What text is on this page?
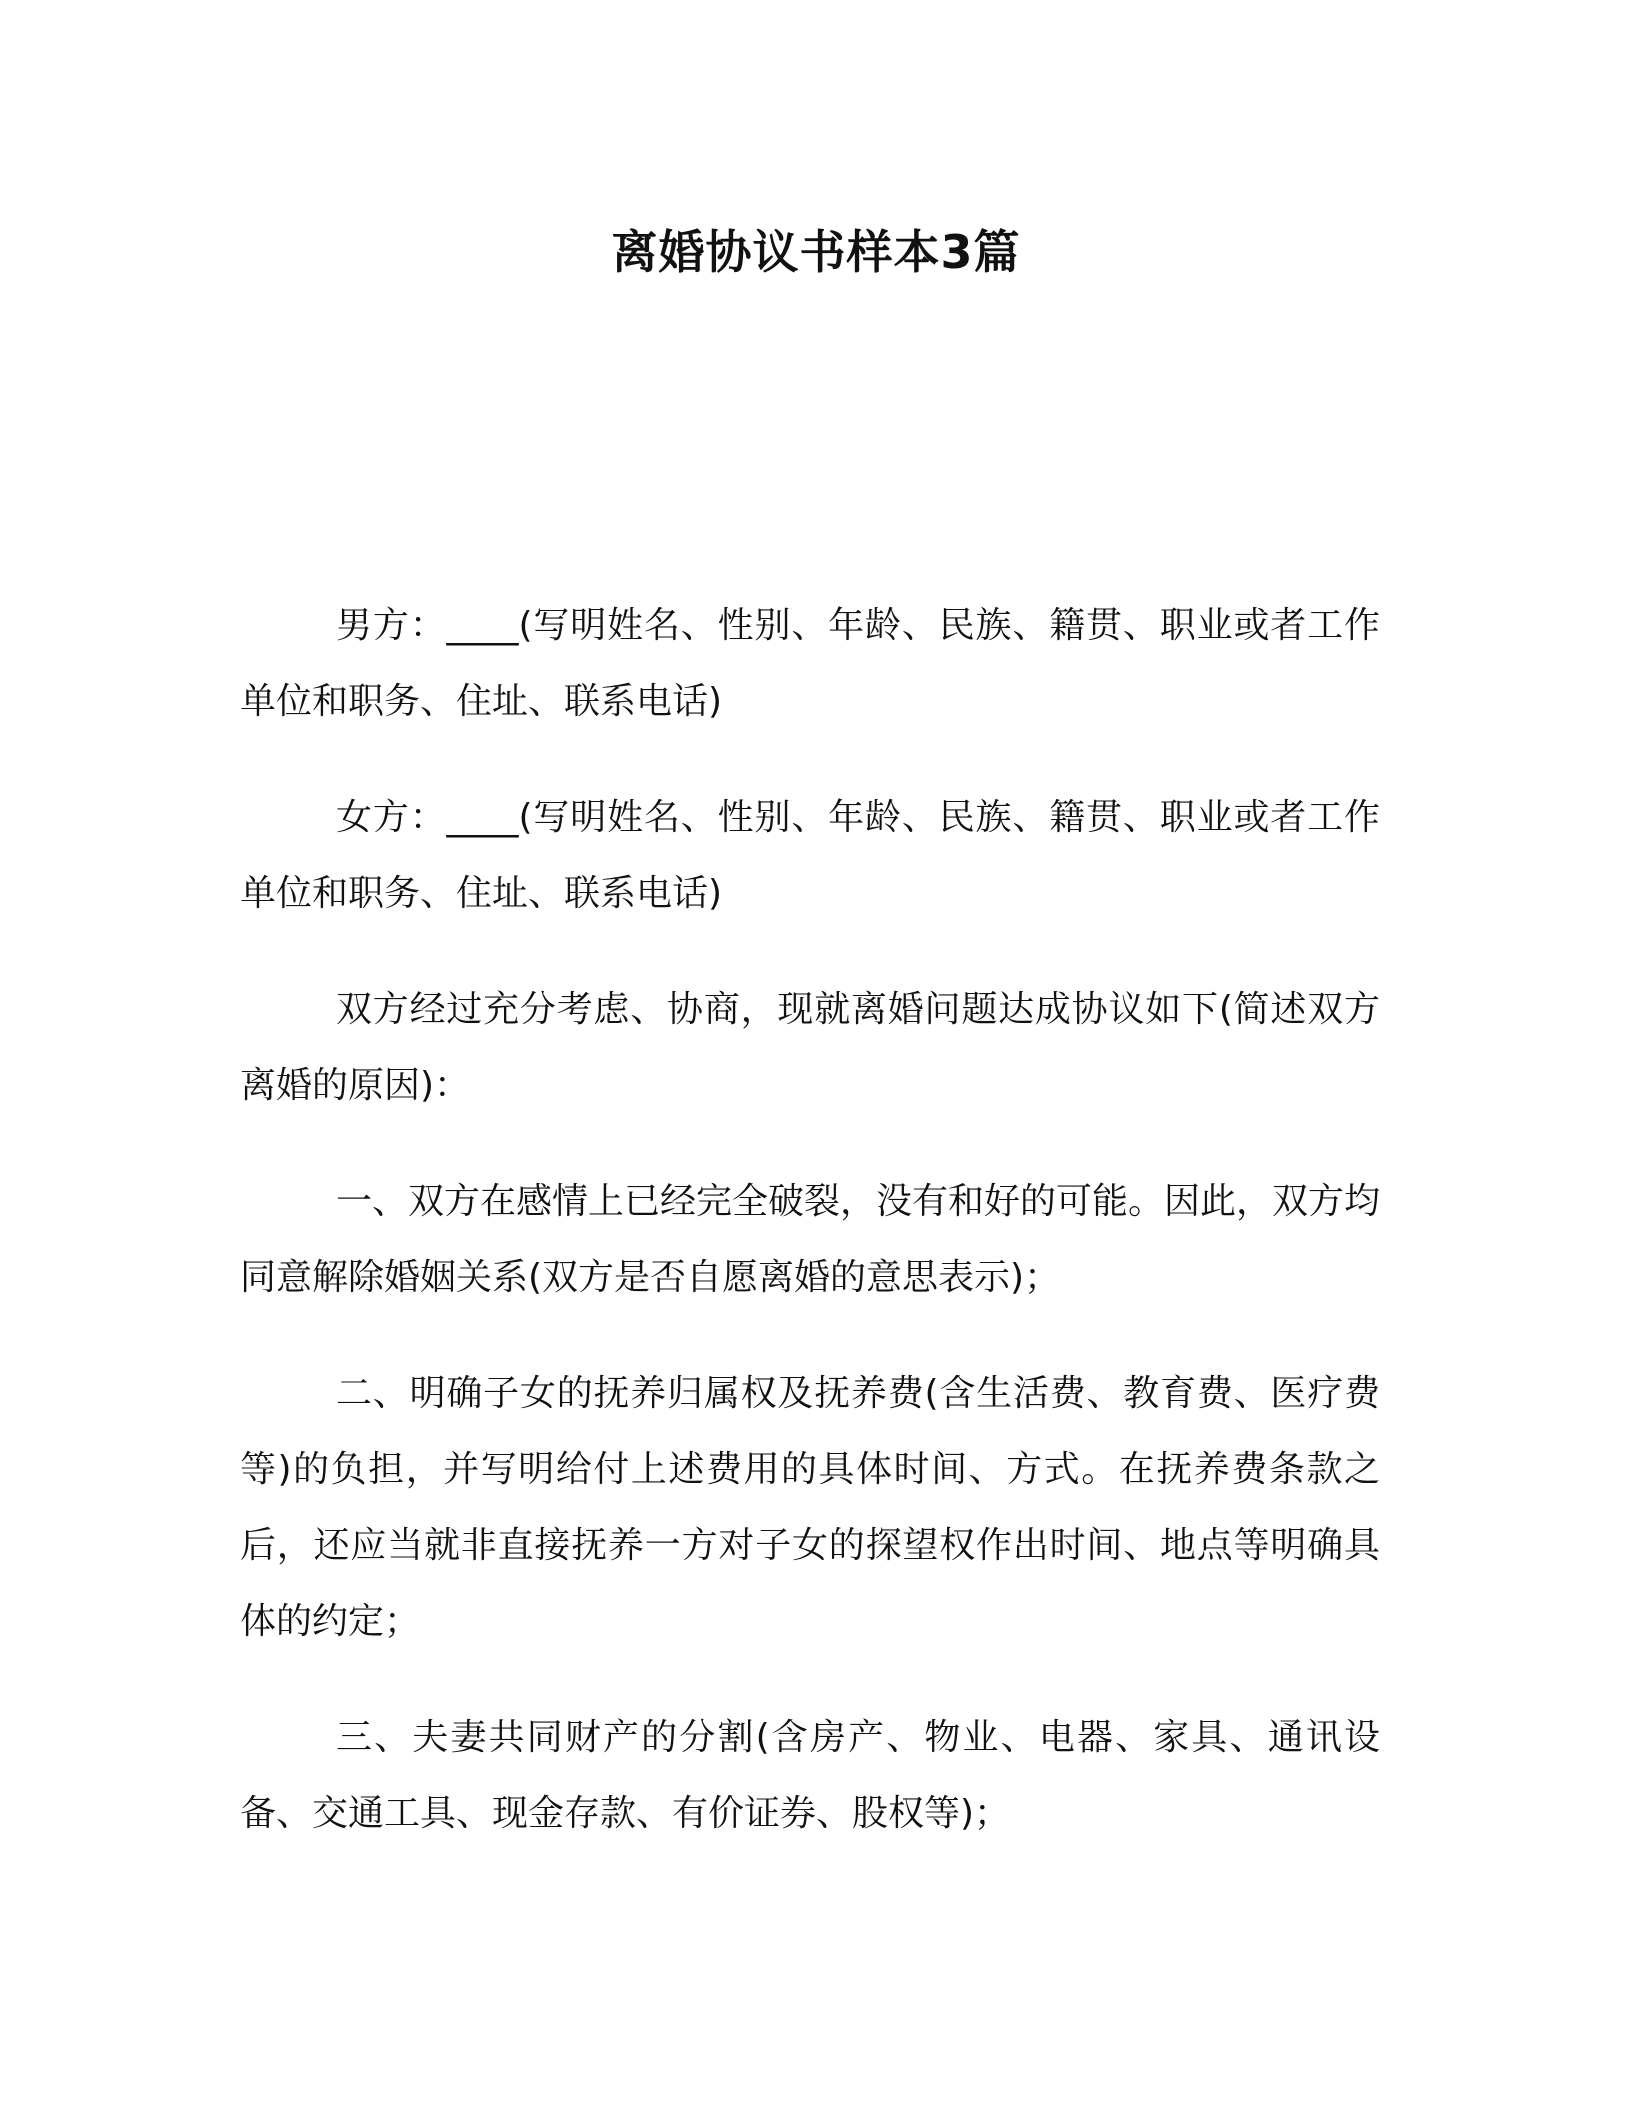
离婚协议书样本3篇

男方：____(写明姓名、性别、年龄、民族、籍贯、职业或者工作单位和职务、住址、联系电话)

女方：____(写明姓名、性别、年龄、民族、籍贯、职业或者工作单位和职务、住址、联系电话)

双方经过充分考虑、协商，现就离婚问题达成协议如下(简述双方离婚的原因)：

一、双方在感情上已经完全破裂，没有和好的可能。因此，双方均同意解除婚姻关系(双方是否自愿离婚的意思表示)；

二、明确子女的抚养归属权及抚养费(含生活费、教育费、医疗费等)的负担，并写明给付上述费用的具体时间、方式。在抚养费条款之后，还应当就非直接抚养一方对子女的探望权作出时间、地点等明确具体的约定；

三、夫妻共同财产的分割(含房产、物业、电器、家具、通讯设备、交通工具、现金存款、有价证券、股权等)；
